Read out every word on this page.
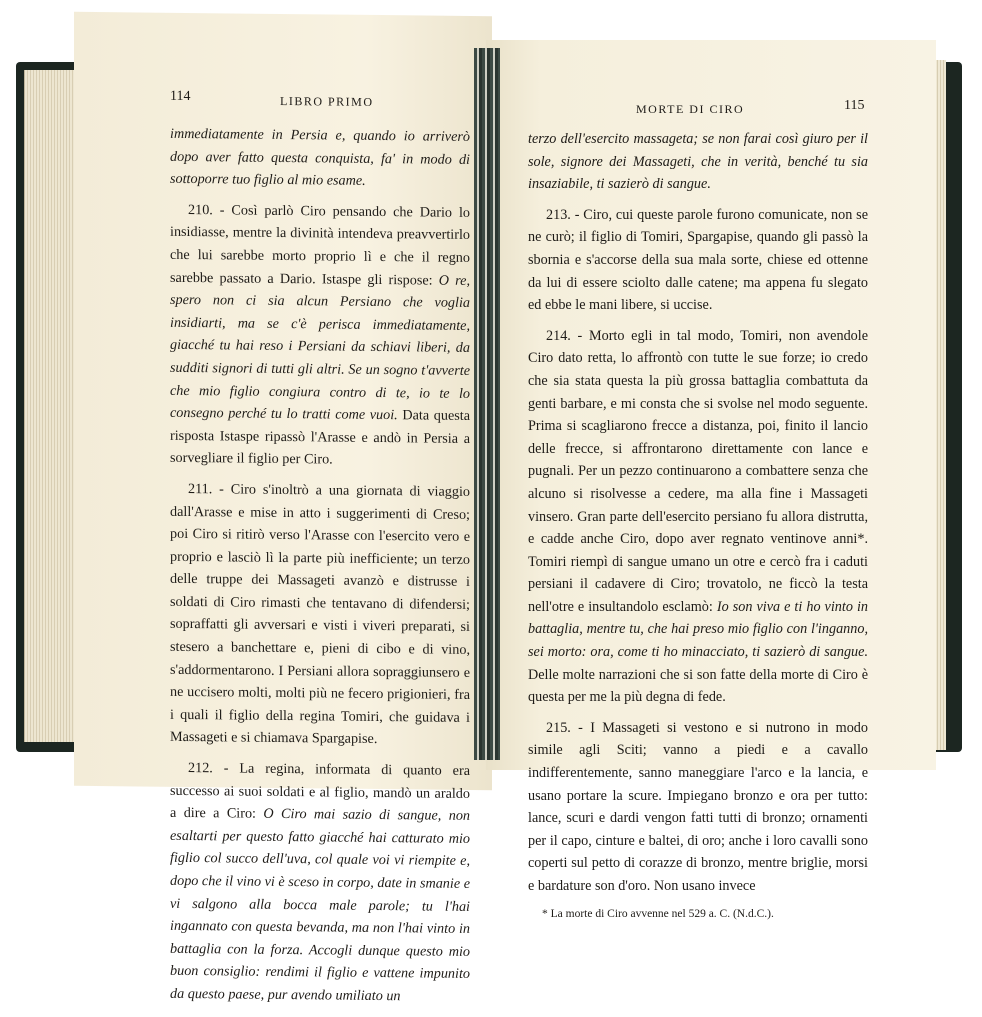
114	LIBRO PRIMO

immediatamente in Persia e, quando io arriverò dopo aver fatto questa conquista, fa' in modo di sottoporre tuo figlio al mio esame.

210. - Così parlò Ciro pensando che Dario lo insidiasse, mentre la divinità intendeva preavvertirlo che lui sarebbe morto proprio lì e che il regno sarebbe passato a Dario. Istaspe gli rispose: O re, spero non ci sia alcun Persiano che voglia insidiarti, ma se c'è perisca immediatamente, giacché tu hai reso i Persiani da schiavi liberi, da sudditi signori di tutti gli altri. Se un sogno t'avverte che mio figlio congiura contro di te, io te lo consegno perché tu lo tratti come vuoi. Data questa risposta Istaspe ripassò l'Arasse e andò in Persia a sorvegliare il figlio per Ciro.

211. - Ciro s'inoltrò a una giornata di viaggio dall'Arasse e mise in atto i suggerimenti di Creso; poi Ciro si ritirò verso l'Arasse con l'esercito vero e proprio e lasciò lì la parte più inefficiente; un terzo delle truppe dei Massageti avanzò e distrusse i soldati di Ciro rimasti che tentavano di difendersi; sopraffatti gli avversari e visti i viveri preparati, si stesero a banchettare e, pieni di cibo e di vino, s'addormentarono. I Persiani allora sopraggiunsero e ne uccisero molti, molti più ne fecero prigionieri, fra i quali il figlio della regina Tomiri, che guidava i Massageti e si chiamava Spargapise.

212. - La regina, informata di quanto era successo ai suoi soldati e al figlio, mandò un araldo a dire a Ciro: O Ciro mai sazio di sangue, non esaltarti per questo fatto giacché hai catturato mio figlio col succo dell'uva, col quale voi vi riempite e, dopo che il vino vi è sceso in corpo, date in smanie e vi salgono alla bocca male parole; tu l'hai ingannato con questa bevanda, ma non l'hai vinto in battaglia con la forza. Accogli dunque questo mio buon consiglio: rendimi il figlio e vattene impunito da questo paese, pur avendo umiliato un

MORTE DI CIRO	115

terzo dell'esercito massageta; se non farai così giuro per il sole, signore dei Massageti, che in verità, benché tu sia insaziabile, ti sazierò di sangue.

213. - Ciro, cui queste parole furono comunicate, non se ne curò; il figlio di Tomiri, Spargapise, quando gli passò la sbornia e s'accorse della sua mala sorte, chiese ed ottenne da lui di essere sciolto dalle catene; ma appena fu slegato ed ebbe le mani libere, si uccise.

214. - Morto egli in tal modo, Tomiri, non avendole Ciro dato retta, lo affrontò con tutte le sue forze; io credo che sia stata questa la più grossa battaglia combattuta da genti barbare, e mi consta che si svolse nel modo seguente. Prima si scagliarono frecce a distanza, poi, finito il lancio delle frecce, si affrontarono direttamente con lance e pugnali. Per un pezzo continuarono a combattere senza che alcuno si risolvesse a cedere, ma alla fine i Massageti vinsero. Gran parte dell'esercito persiano fu allora distrutta, e cadde anche Ciro, dopo aver regnato ventinove anni*. Tomiri riempì di sangue umano un otre e cercò fra i caduti persiani il cadavere di Ciro; trovatolo, ne ficcò la testa nell'otre e insultandolo esclamò: Io son viva e ti ho vinto in battaglia, mentre tu, che hai preso mio figlio con l'inganno, sei morto: ora, come ti ho minacciato, ti sazierò di sangue. Delle molte narrazioni che si son fatte della morte di Ciro è questa per me la più degna di fede.

215. - I Massageti si vestono e si nutrono in modo simile agli Sciti; vanno a piedi e a cavallo indifferentemente, sanno maneggiare l'arco e la lancia, e usano portare la scure. Impiegano bronzo e ora per tutto: lance, scuri e dardi vengon fatti tutti di bronzo; ornamenti per il capo, cinture e baltei, di oro; anche i loro cavalli sono coperti sul petto di corazze di bronzo, mentre briglie, morsi e bardature son d'oro. Non usano invece

* La morte di Ciro avvenne nel 529 a. C. (N.d.C.).
